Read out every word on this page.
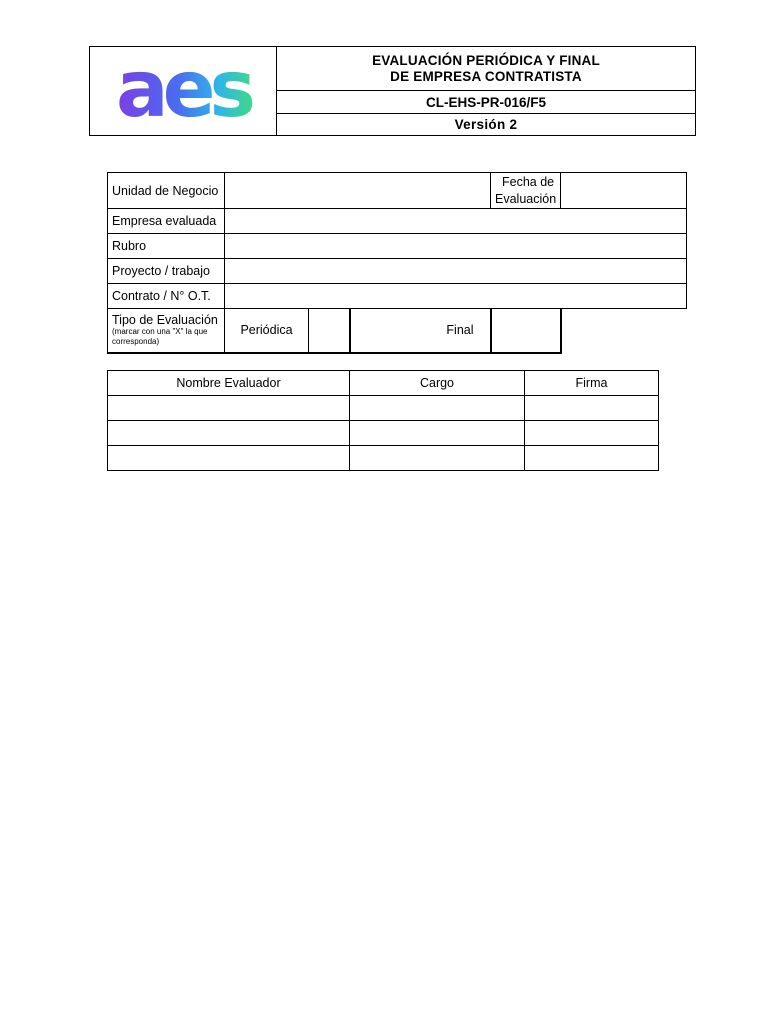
aes	EVALUACIÓN PERIÓDICA Y FINAL
DE EMPRESA CONTRATISTA
CL-EHS-PR-016/F5
Versión 2
Unidad de Negocio				Fecha de
Evaluación	

Empresa evaluada					
Rubro					
Proyecto / trabajo					
Contrato / N° O.T.					
Tipo de Evaluación
(marcar con una "X" la que corresponda)	Periódica		Final		
Nombre Evaluador	Cargo	Firma
